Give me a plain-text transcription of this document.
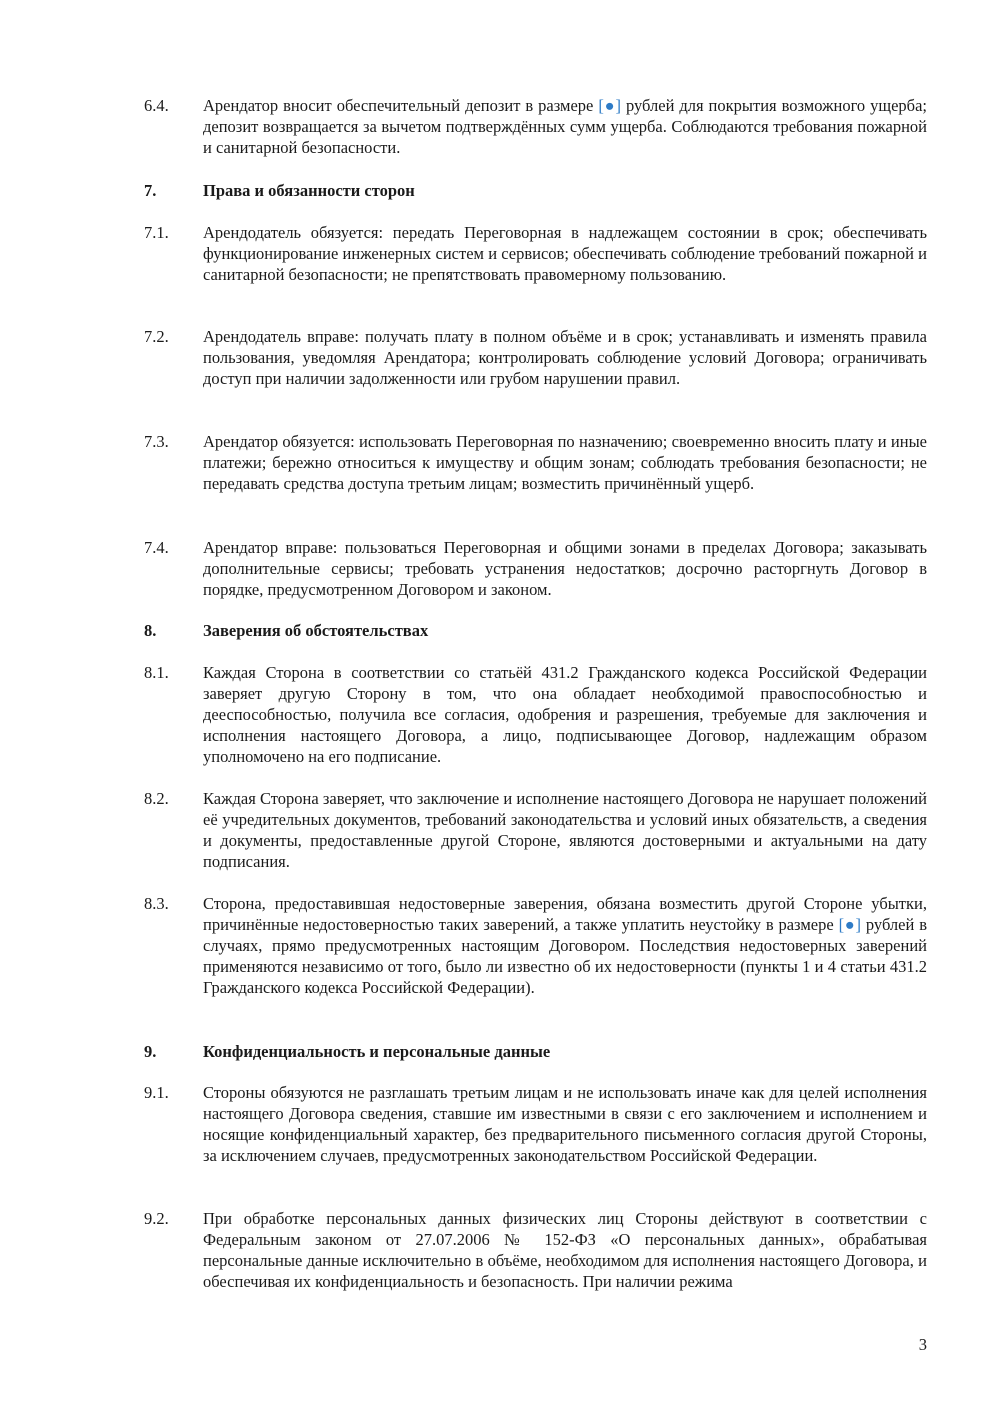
6.4.	Арендатор вносит обеспечительный депозит в размере [●] рублей для покрытия возможного ущерба; депозит возвращается за вычетом подтверждённых сумм ущерба. Соблюдаются требования пожарной и санитарной безопасности.
7.	Права и обязанности сторон
7.1.	Арендодатель обязуется: передать Переговорная в надлежащем состоянии в срок; обеспечивать функционирование инженерных систем и сервисов; обеспечивать соблюдение требований пожарной и санитарной безопасности; не препятствовать правомерному пользованию.
7.2.	Арендодатель вправе: получать плату в полном объёме и в срок; устанавливать и изменять правила пользования, уведомляя Арендатора; контролировать соблюдение условий Договора; ограничивать доступ при наличии задолженности или грубом нарушении правил.
7.3.	Арендатор обязуется: использовать Переговорная по назначению; своевременно вносить плату и иные платежи; бережно относиться к имуществу и общим зонам; соблюдать требования безопасности; не передавать средства доступа третьим лицам; возместить причинённый ущерб.
7.4.	Арендатор вправе: пользоваться Переговорная и общими зонами в пределах Договора; заказывать дополнительные сервисы; требовать устранения недостатков; досрочно расторгнуть Договор в порядке, предусмотренном Договором и законом.
8.	Заверения об обстоятельствах
8.1.	Каждая Сторона в соответствии со статьёй 431.2 Гражданского кодекса Российской Федерации заверяет другую Сторону в том, что она обладает необходимой правоспособностью и дееспособностью, получила все согласия, одобрения и разрешения, требуемые для заключения и исполнения настоящего Договора, а лицо, подписывающее Договор, надлежащим образом уполномочено на его подписание.
8.2.	Каждая Сторона заверяет, что заключение и исполнение настоящего Договора не нарушает положений её учредительных документов, требований законодательства и условий иных обязательств, а сведения и документы, предоставленные другой Стороне, являются достоверными и актуальными на дату подписания.
8.3.	Сторона, предоставившая недостоверные заверения, обязана возместить другой Стороне убытки, причинённые недостоверностью таких заверений, а также уплатить неустойку в размере [●] рублей в случаях, прямо предусмотренных настоящим Договором. Последствия недостоверных заверений применяются независимо от того, было ли известно об их недостоверности (пункты 1 и 4 статьи 431.2 Гражданского кодекса Российской Федерации).
9.	Конфиденциальность и персональные данные
9.1.	Стороны обязуются не разглашать третьим лицам и не использовать иначе как для целей исполнения настоящего Договора сведения, ставшие им известными в связи с его заключением и исполнением и носящие конфиденциальный характер, без предварительного письменного согласия другой Стороны, за исключением случаев, предусмотренных законодательством Российской Федерации.
9.2.	При обработке персональных данных физических лиц Стороны действуют в соответствии с Федеральным законом от 27.07.2006 № 152-ФЗ «О персональных данных», обрабатывая персональные данные исключительно в объёме, необходимом для исполнения настоящего Договора, и обеспечивая их конфиденциальность и безопасность. При наличии режима
3
